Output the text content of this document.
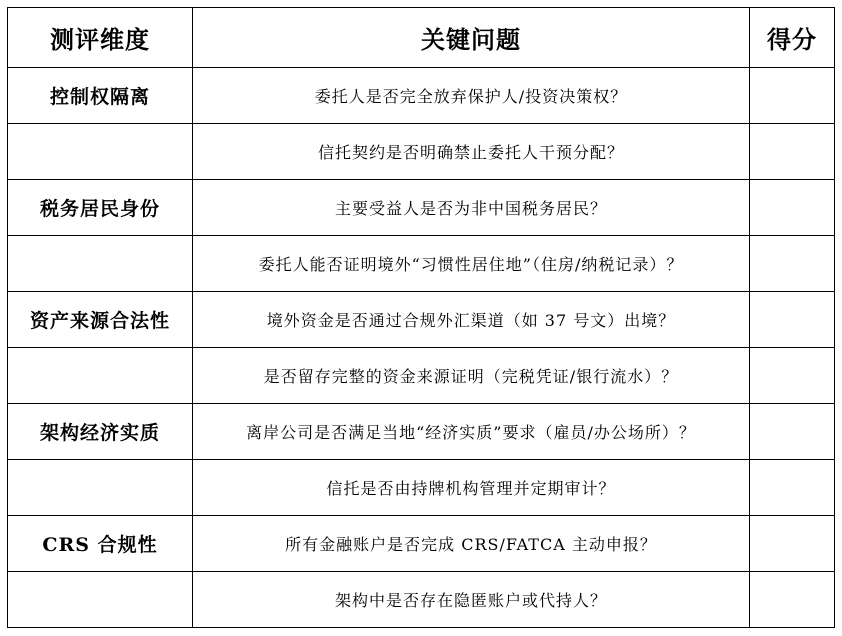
测评维度	关键问题	得分
控制权隔离	委托人是否完全放弃保护人/投资决策权？	
	信托契约是否明确禁止委托人干预分配？	
税务居民身份	主要受益人是否为非中国税务居民？	
	委托人能否证明境外“习惯性居住地”（住房/纳税记录）？	
资产来源合法性	境外资金是否通过合规外汇渠道（如 37 号文）出境？	
	是否留存完整的资金来源证明（完税凭证/银行流水）？	
架构经济实质	离岸公司是否满足当地“经济实质”要求（雇员/办公场所）？	
	信托是否由持牌机构管理并定期审计？	
CRS 合规性	所有金融账户是否完成 CRS/FATCA 主动申报？	
	架构中是否存在隐匿账户或代持人？	
